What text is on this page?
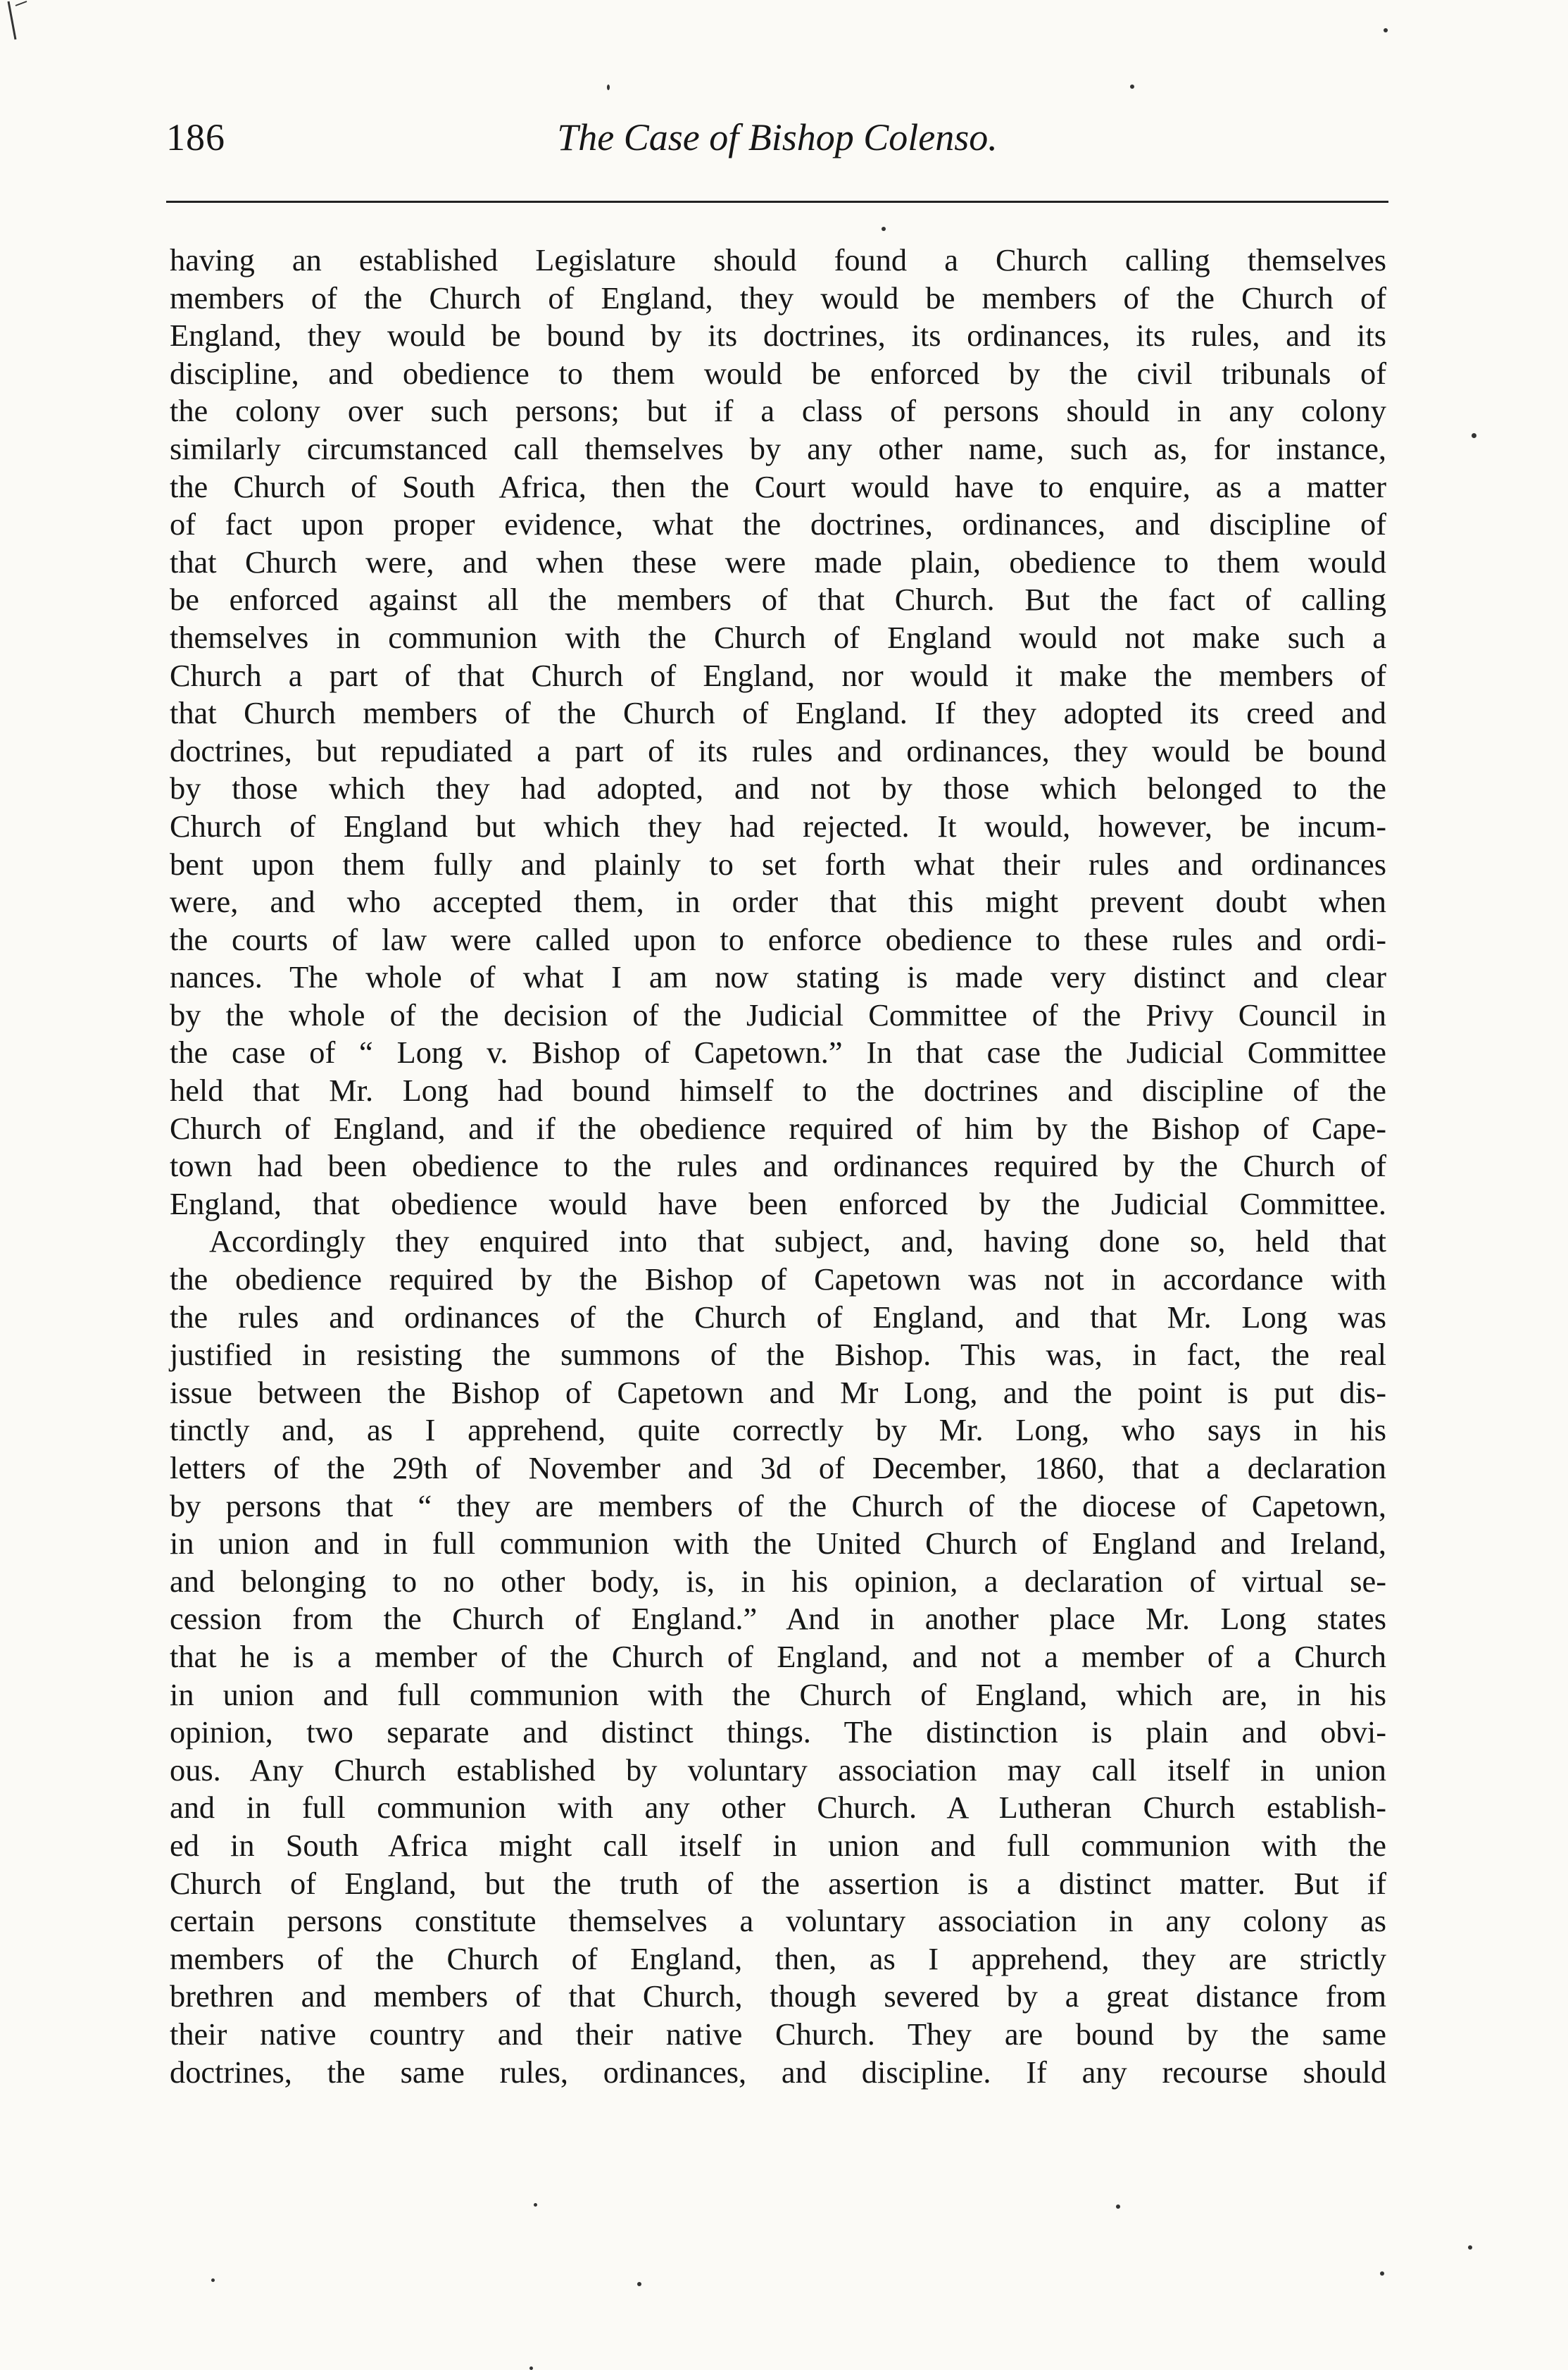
186	The Case of Bishop Colenso.
having an established Legislature should found a Church calling themselves
members of the Church of England, they would be members of the Church of
England, they would be bound by its doctrines, its ordinances, its rules, and its
discipline, and obedience to them would be enforced by the civil tribunals of
the colony over such persons; but if a class of persons should in any colony
similarly circumstanced call themselves by any other name, such as, for instance,
the Church of South Africa, then the Court would have to enquire, as a matter
of fact upon proper evidence, what the doctrines, ordinances, and discipline of
that Church were, and when these were made plain, obedience to them would
be enforced against all the members of that Church. But the fact of calling
themselves in communion with the Church of England would not make such a
Church a part of that Church of England, nor would it make the members of
that Church members of the Church of England. If they adopted its creed and
doctrines, but repudiated a part of its rules and ordinances, they would be bound
by those which they had adopted, and not by those which belonged to the
Church of England but which they had rejected. It would, however, be incum-
bent upon them fully and plainly to set forth what their rules and ordinances
were, and who accepted them, in order that this might prevent doubt when
the courts of law were called upon to enforce obedience to these rules and ordi-
nances. The whole of what I am now stating is made very distinct and clear
by the whole of the decision of the Judicial Committee of the Privy Council in
the case of “ Long v. Bishop of Capetown.” In that case the Judicial Committee
held that Mr. Long had bound himself to the doctrines and discipline of the
Church of England, and if the obedience required of him by the Bishop of Cape-
town had been obedience to the rules and ordinances required by the Church of
England, that obedience would have been enforced by the Judicial Committee.
Accordingly they enquired into that subject, and, having done so, held that
the obedience required by the Bishop of Capetown was not in accordance with
the rules and ordinances of the Church of England, and that Mr. Long was
justified in resisting the summons of the Bishop. This was, in fact, the real
issue between the Bishop of Capetown and Mr Long, and the point is put dis-
tinctly and, as I apprehend, quite correctly by Mr. Long, who says in his
letters of the 29th of November and 3d of December, 1860, that a declaration
by persons that “ they are members of the Church of the diocese of Capetown,
in union and in full communion with the United Church of England and Ireland,
and belonging to no other body, is, in his opinion, a declaration of virtual se-
cession from the Church of England.” And in another place Mr. Long states
that he is a member of the Church of England, and not a member of a Church
in union and full communion with the Church of England, which are, in his
opinion, two separate and distinct things. The distinction is plain and obvi-
ous. Any Church established by voluntary association may call itself in union
and in full communion with any other Church. A Lutheran Church establish-
ed in South Africa might call itself in union and full communion with the
Church of England, but the truth of the assertion is a distinct matter. But if
certain persons constitute themselves a voluntary association in any colony as
members of the Church of England, then, as I apprehend, they are strictly
brethren and members of that Church, though severed by a great distance from
their native country and their native Church. They are bound by the same
doctrines, the same rules, ordinances, and discipline. If any recourse should
